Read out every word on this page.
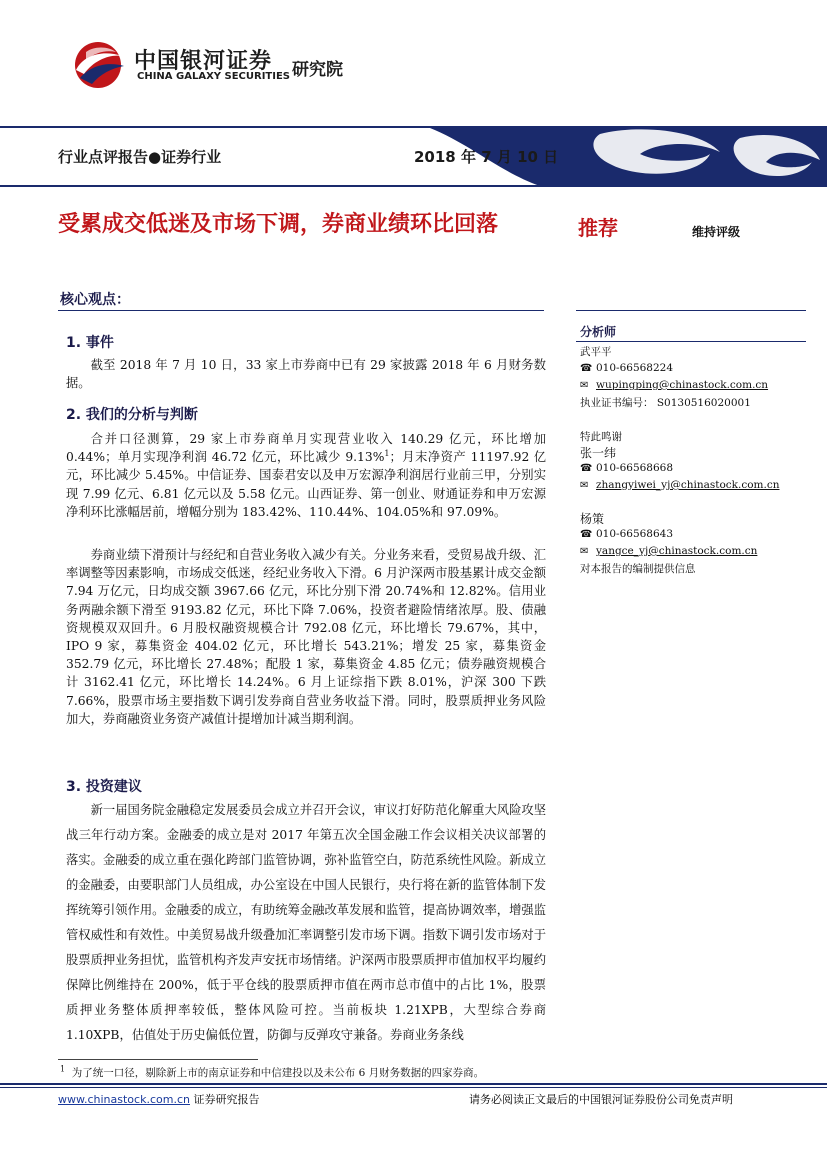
中国银河证券
CHINA GALAXY SECURITIES 研究院
行业点评报告●证券行业	2018 年 7 月 10 日
受累成交低迷及市场下调，券商业绩环比回落	推荐	维持评级
核心观点：
1. 事件

截至 2018 年 7 月 10 日，33 家上市券商中已有 29 家披露 2018 年 6 月财务数据。

2. 我们的分析与判断

合并口径测算，29 家上市券商单月实现营业收入 140.29 亿元，环比增加 0.44%；单月实现净利润 46.72 亿元，环比减少 9.13%$^1$；月末净资产 11197.92 亿元，环比减少 5.45%。中信证券、国泰君安以及申万宏源净利润居行业前三甲，分别实现 7.99 亿元、6.81 亿元以及 5.58 亿元。山西证券、第一创业、财通证券和申万宏源净利环比涨幅居前，增幅分别为 183.42%、110.44%、104.05%和 97.09%。

券商业绩下滑预计与经纪和自营业务收入减少有关。分业务来看，受贸易战升级、汇率调整等因素影响，市场成交低迷，经纪业务收入下滑。6 月沪深两市股基累计成交金额 7.94 万亿元，日均成交额 3967.66 亿元，环比分别下滑 20.74%和 12.82%。信用业务两融余额下滑至 9193.82 亿元，环比下降 7.06%，投资者避险情绪浓厚。股、债融资规模双双回升。6 月股权融资规模合计 792.08 亿元，环比增长 79.67%，其中，IPO 9 家，募集资金 404.02 亿元，环比增长 543.21%；增发 25 家，募集资金 352.79 亿元，环比增长 27.48%；配股 1 家，募集资金 4.85 亿元；债券融资规模合计 3162.41 亿元，环比增长 14.24%。6 月上证综指下跌 8.01%，沪深 300 下跌 7.66%，股票市场主要指数下调引发券商自营业务收益下滑。同时，股票质押业务风险加大，券商融资业务资产减值计提增加计减当期利润。

3. 投资建议

新一届国务院金融稳定发展委员会成立并召开会议，审议打好防范化解重大风险攻坚战三年行动方案。金融委的成立是对 2017 年第五次全国金融工作会议相关决议部署的落实。金融委的成立重在强化跨部门监管协调，弥补监管空白，防范系统性风险。新成立的金融委，由要职部门人员组成，办公室设在中国人民银行，央行将在新的监管体制下发挥统筹引领作用。金融委的成立，有助统筹金融改革发展和监管，提高协调效率，增强监管权威性和有效性。中美贸易战升级叠加汇率调整引发市场下调。指数下调引发市场对于股票质押业务担忧，监管机构齐发声安抚市场情绪。沪深两市股票质押市值加权平均履约保障比例维持在 200%，低于平仓线的股票质押市值在两市总市值中的占比 1%，股票质押业务整体质押率较低，整体风险可控。当前板块 1.21XPB，大型综合券商 1.10XPB，估值处于历史偏低位置，防御与反弹攻守兼备。券商业务条线

分析师
武平平
☎ 010-66568224
✉ wupingping@chinastock.com.cn
执业证书编号： S0130516020001
特此鸣谢
张一纬
☎ 010-66568668
✉ zhangyiwei_yj@chinastock.com.cn
杨策
☎ 010-66568643
✉ yangce_yj@chinastock.com.cn
对本报告的编制提供信息
$^1$ 为了统一口径，剔除新上市的南京证券和中信建投以及未公布 6 月财务数据的四家券商。
www.chinastock.com.cn 证券研究报告	请务必阅读正文最后的中国银河证券股份公司免责声明
